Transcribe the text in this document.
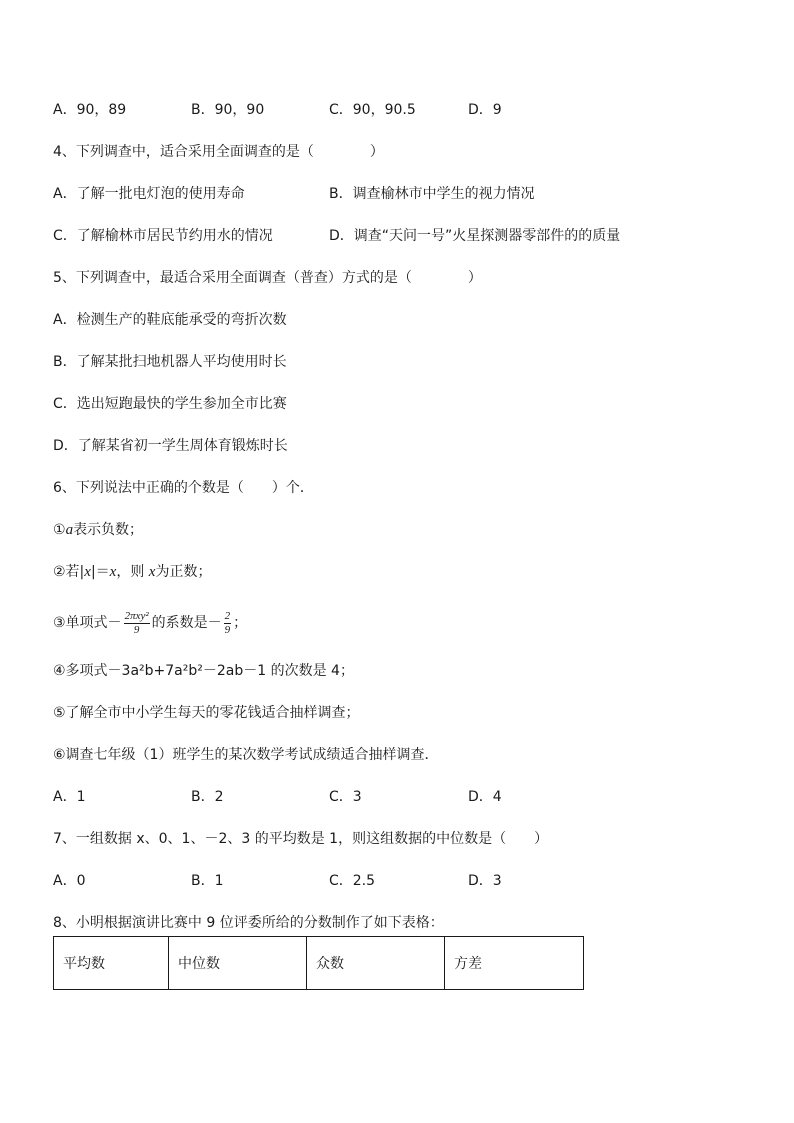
A．90，89	B．90，90	C．90，90.5	D．9
4、下列调查中，适合采用全面调查的是（　　　　）
A．了解一批电灯泡的使用寿命	B．调查榆林市中学生的视力情况
C．了解榆林市居民节约用水的情况	D．调查“天问一号”火星探测器零部件的的质量
5、下列调查中，最适合采用全面调查（普查）方式的是（　　　　）
A．检测生产的鞋底能承受的弯折次数
B．了解某批扫地机器人平均使用时长
C．选出短跑最快的学生参加全市比赛
D．了解某省初一学生周体育锻炼时长
6、下列说法中正确的个数是（　　）个．
①a表示负数；
②若|x|＝x，则 x为正数；
③单项式－ $\frac{\text{2πxy²}}{9}$ 的系数是－ $\frac{2}{9}$ ；
④多项式－3a²b+7a²b²－2ab－1 的次数是 4；
⑤了解全市中小学生每天的零花钱适合抽样调查；
⑥调查七年级（1）班学生的某次数学考试成绩适合抽样调查．
A．1	B．2	C．3	D．4
7、一组数据 x、0、1、－2、3 的平均数是 1，则这组数据的中位数是（　　）
A．0	B．1	C．2.5	D．3
8、小明根据演讲比赛中 9 位评委所给的分数制作了如下表格：
平均数	中位数	众数	方差
